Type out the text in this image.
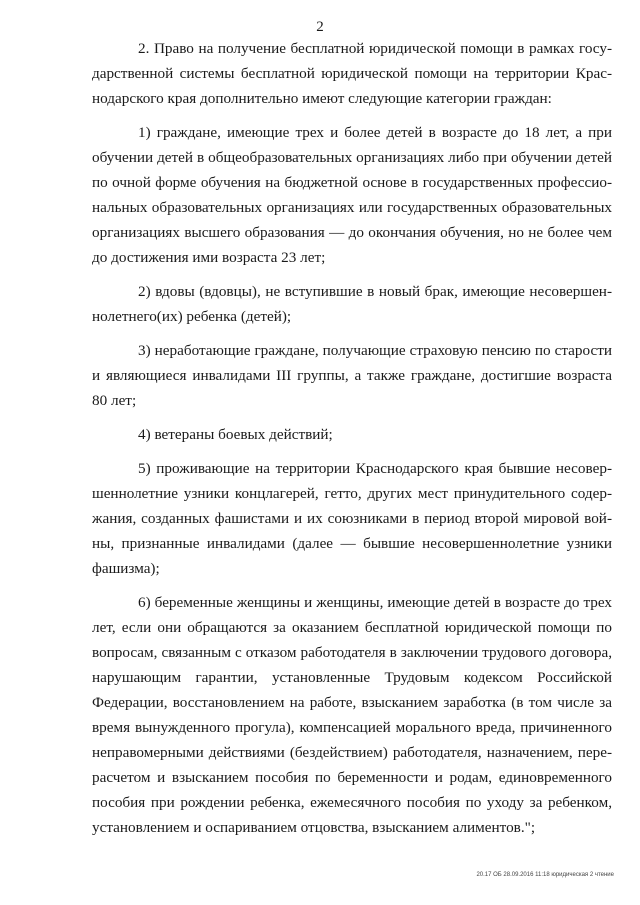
2

2. Право на получение бесплатной юридической помощи в рамках государственной системы бесплатной юридической помощи на территории Краснодарского края дополнительно имеют следующие категории граждан:

1) граждане, имеющие трех и более детей в возрасте до 18 лет, а при обучении детей в общеобразовательных организациях либо при обучении детей по очной форме обучения на бюджетной основе в государственных профессиональных образовательных организациях или государственных образовательных организациях высшего образования — до окончания обучения, но не более чем до достижения ими возраста 23 лет;

2) вдовы (вдовцы), не вступившие в новый брак, имеющие несовершеннолетнего(их) ребенка (детей);

3) неработающие граждане, получающие страховую пенсию по старости и являющиеся инвалидами III группы, а также граждане, достигшие возраста 80 лет;

4) ветераны боевых действий;

5) проживающие на территории Краснодарского края бывшие несовершеннолетние узники концлагерей, гетто, других мест принудительного содержания, созданных фашистами и их союзниками в период второй мировой войны, признанные инвалидами (далее — бывшие несовершеннолетние узники фашизма);

6) беременные женщины и женщины, имеющие детей в возрасте до трех лет, если они обращаются за оказанием бесплатной юридической помощи по вопросам, связанным с отказом работодателя в заключении трудового договора, нарушающим гарантии, установленные Трудовым кодексом Российской Федерации, восстановлением на работе, взысканием заработка (в том числе за время вынужденного прогула), компенсацией морального вреда, причиненного неправомерными действиями (бездействием) работодателя, назначением, перерасчетом и взысканием пособия по беременности и родам, единовременного пособия при рождении ребенка, ежемесячного пособия по уходу за ребенком, установлением и оспариванием отцовства, взысканием алиментов.";

20.17 ОБ 28.09.2016 11:18 юридическая 2 чтение
